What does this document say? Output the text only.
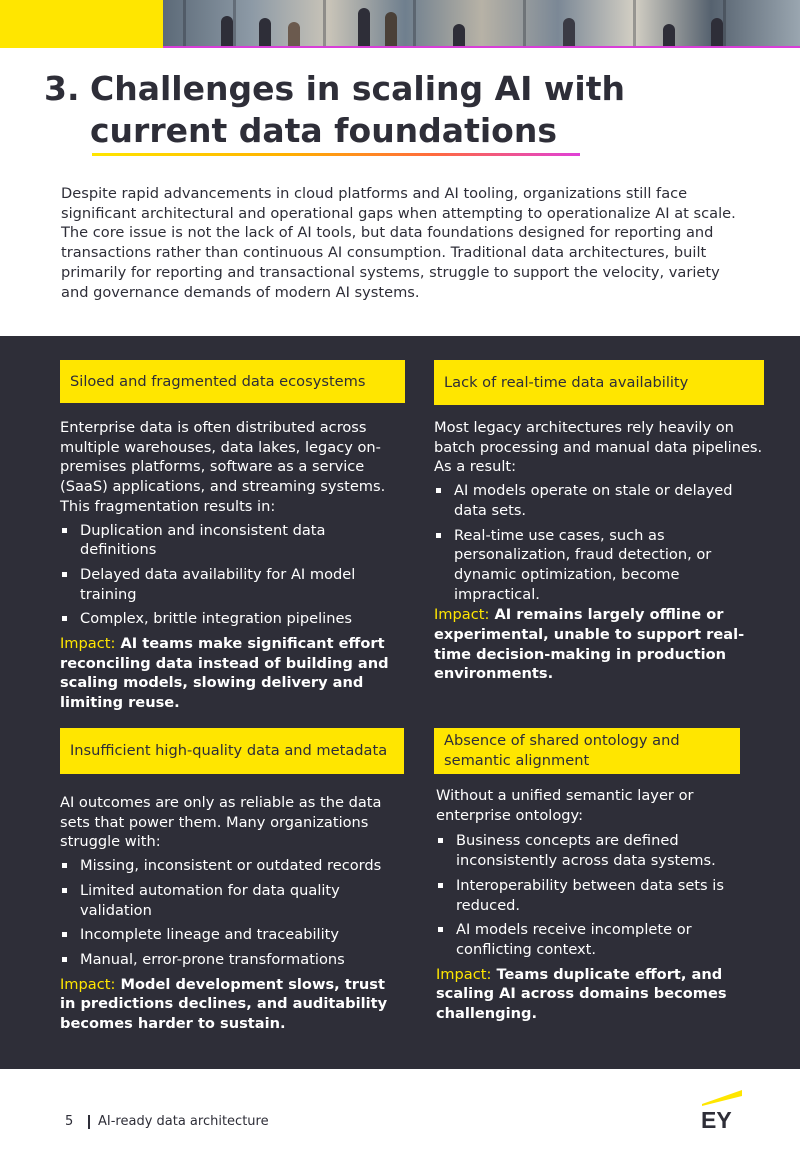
3. Challenges in scaling AI with current data foundations

Despite rapid advancements in cloud platforms and AI tooling, organizations still face significant architectural and operational gaps when attempting to operationalize AI at scale. The core issue is not the lack of AI tools, but data foundations designed for reporting and transactions rather than continuous AI consumption. Traditional data architectures, built primarily for reporting and transactional systems, struggle to support the velocity, variety and governance demands of modern AI systems.

Siloed and fragmented data ecosystems

Enterprise data is often distributed across multiple warehouses, data lakes, legacy on-premises platforms, software as a service (SaaS) applications, and streaming systems. This fragmentation results in:

Duplication and inconsistent data definitions
Delayed data availability for AI model training
Complex, brittle integration pipelines

Impact: AI teams make significant effort reconciling data instead of building and scaling models, slowing delivery and limiting reuse.

Lack of real-time data availability

Most legacy architectures rely heavily on batch processing and manual data pipelines.

As a result:

AI models operate on stale or delayed data sets.
Real-time use cases, such as personalization, fraud detection, or dynamic optimization, become impractical.

Impact: AI remains largely offline or experimental, unable to support real-time decision-making in production environments.

Insufficient high-quality data and metadata

AI outcomes are only as reliable as the data sets that power them. Many organizations struggle with:

Missing, inconsistent or outdated records
Limited automation for data quality validation
Incomplete lineage and traceability
Manual, error-prone transformations

Impact: Model development slows, trust in predictions declines, and auditability becomes harder to sustain.

Absence of shared ontology and semantic alignment

Without a unified semantic layer or enterprise ontology:

Business concepts are defined inconsistently across data systems.
Interoperability between data sets is reduced.
AI models receive incomplete or conflicting context.

Impact: Teams duplicate effort, and scaling AI across domains becomes challenging.

5 AI-ready data architecture	EY
